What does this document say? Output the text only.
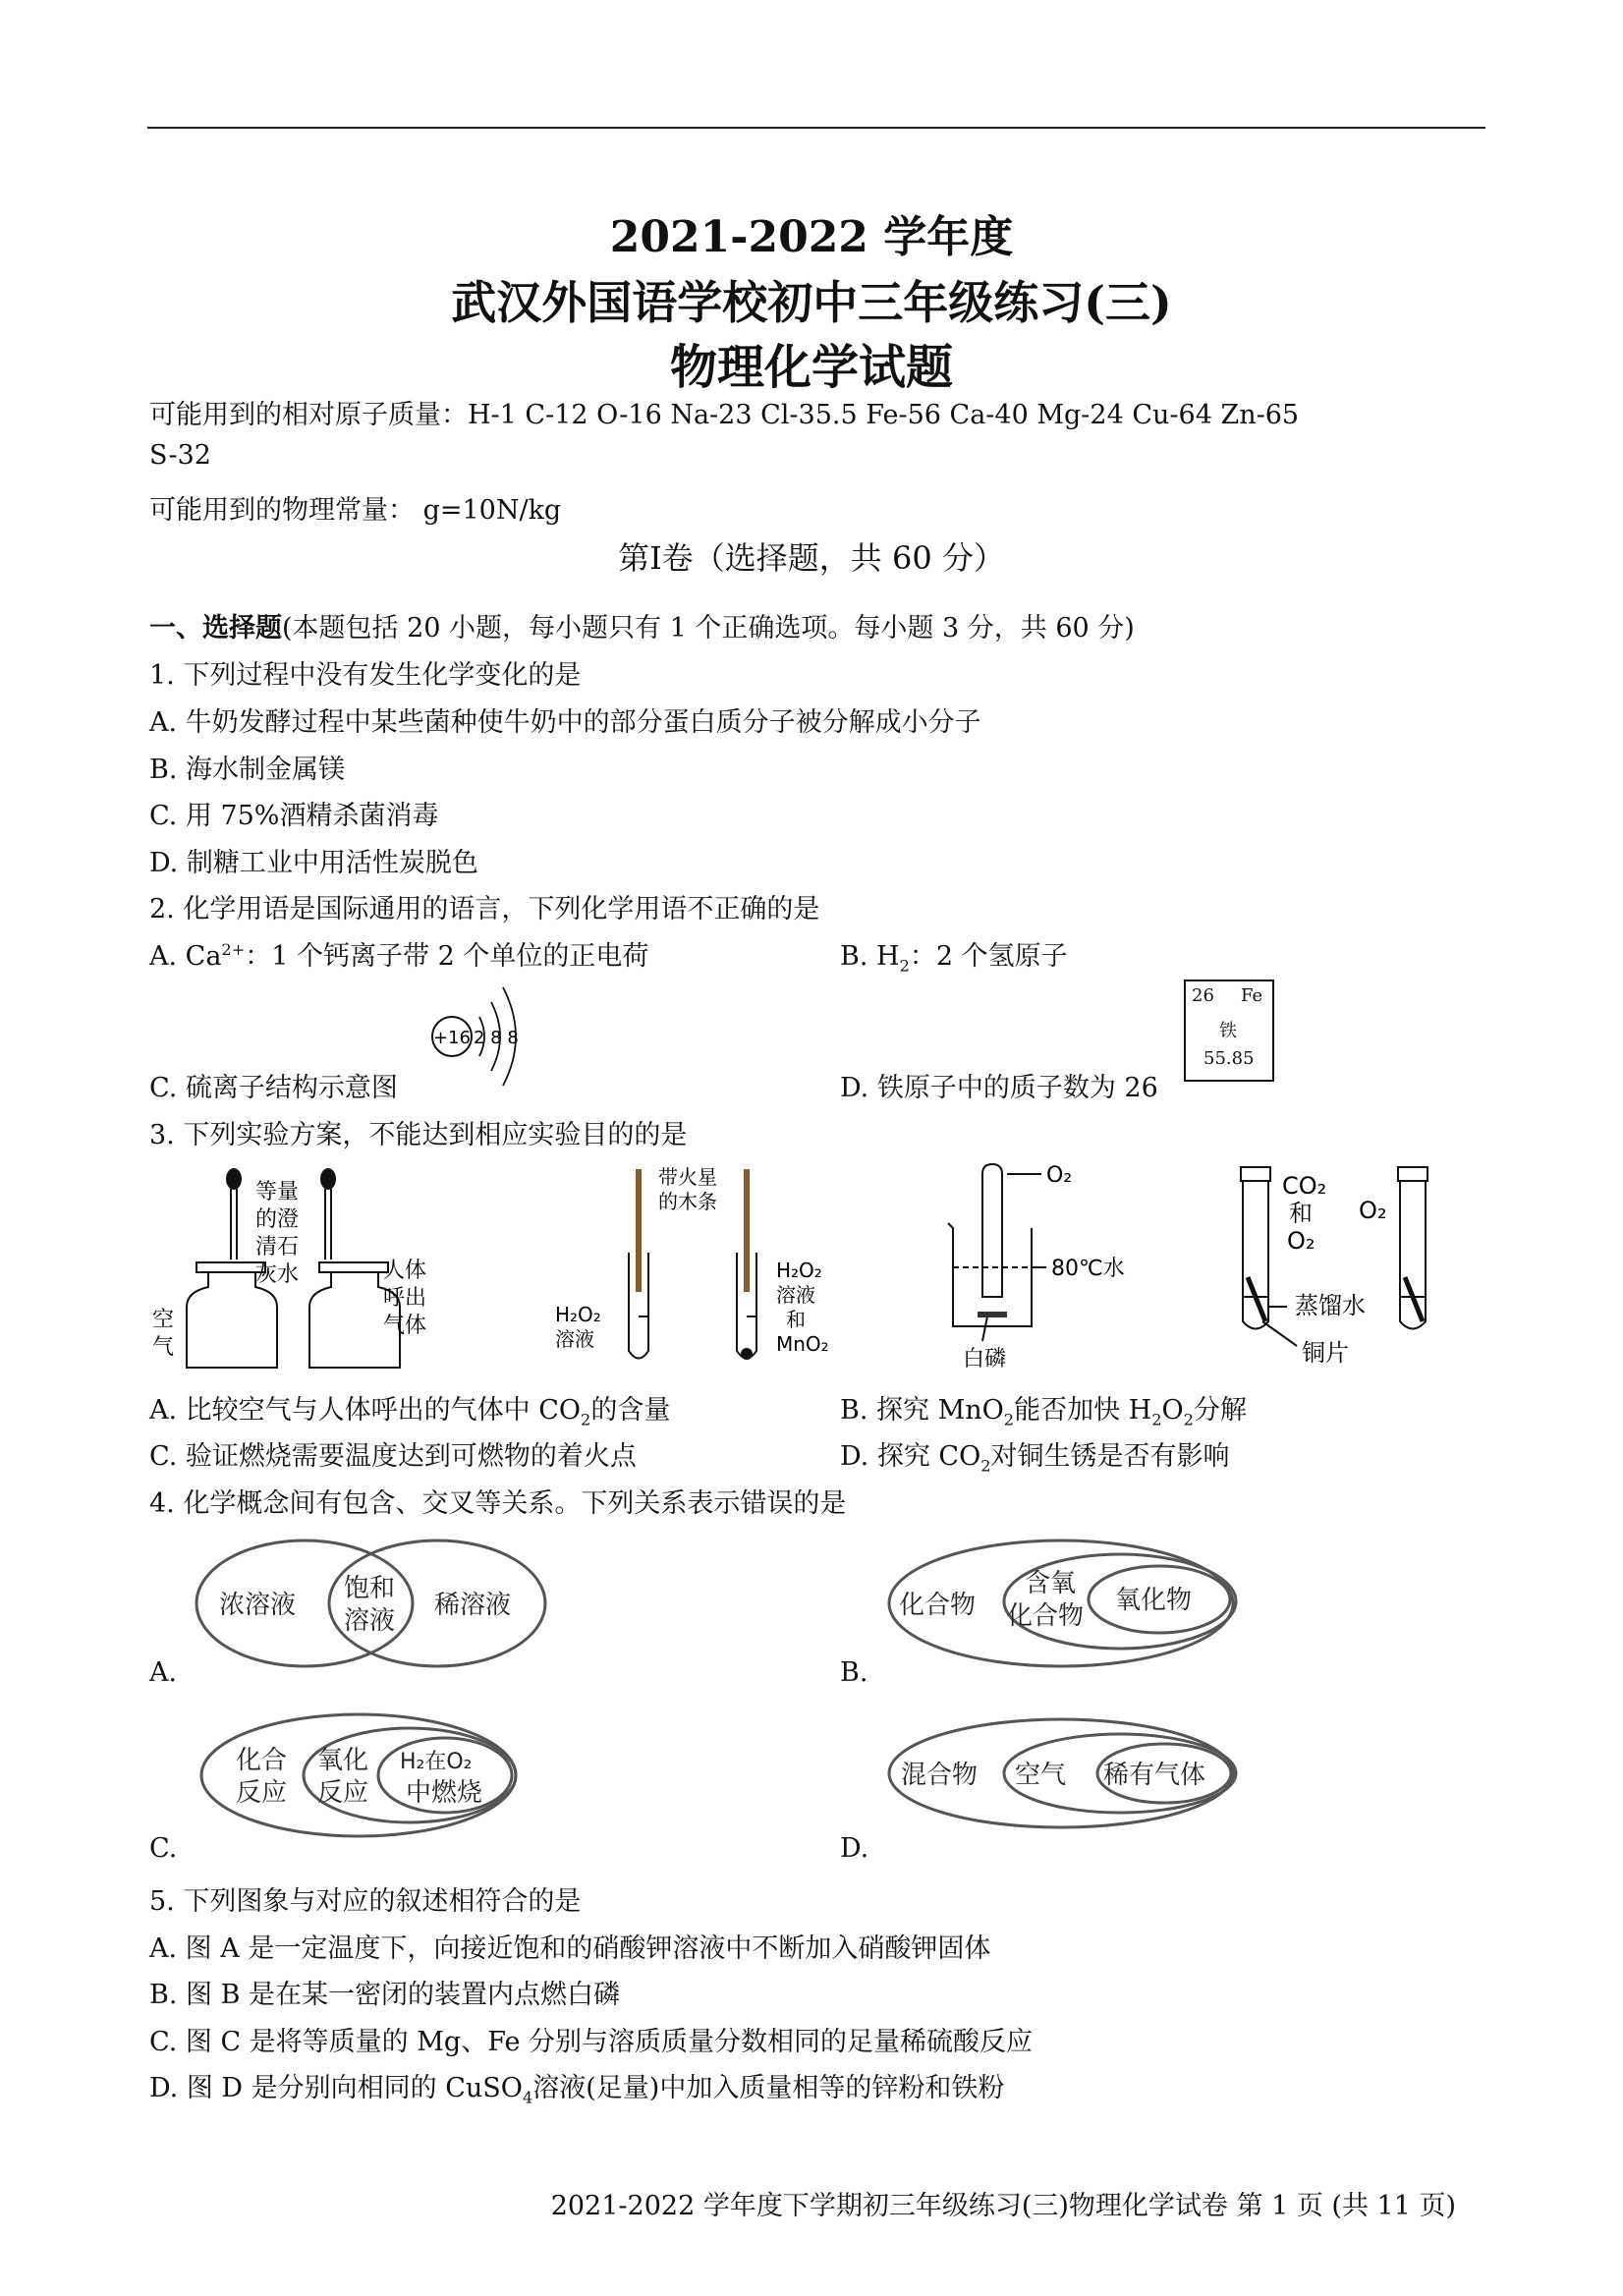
2021-2022 学年度
武汉外国语学校初中三年级练习(三)
物理化学试题
可能用到的相对原子质量：H-1 C-12 O-16 Na-23 Cl-35.5 Fe-56 Ca-40 Mg-24 Cu-64 Zn-65
S-32
可能用到的物理常量： g=10N/kg
第Ⅰ卷（选择题，共 60 分）
一、选择题(本题包括 20 小题，每小题只有 1 个正确选项。每小题 3 分，共 60 分)
1. 下列过程中没有发生化学变化的是
A. 牛奶发酵过程中某些菌种使牛奶中的部分蛋白质分子被分解成小分子
B. 海水制金属镁
C. 用 75%酒精杀菌消毒
D. 制糖工业中用活性炭脱色
2. 化学用语是国际通用的语言，下列化学用语不正确的是
A. $Ca^{2+}$：1 个钙离子带 2 个单位的正电荷	B. $H_2$：2 个氢原子
+16 2 8 8
26 Fe
铁
55.85
C. 硫离子结构示意图	D. 铁原子中的质子数为 26
3. 下列实验方案，不能达到相应实验目的的是
等量
的澄
清石
灰水
空
气
人体
呼出
气体
带火星
的木条
H₂O₂
溶液
H₂O₂
溶液
和
MnO₂
O₂
80℃水
白磷
CO₂
和
O₂
O₂
蒸馏水
铜片
A. 比较空气与人体呼出的气体中 $CO_2$的含量	B. 探究 MnO$_2$能否加快 $H_2O_2$分解
C. 验证燃烧需要温度达到可燃物的着火点	D. 探究 $CO_2$对铜生锈是否有影响
4. 化学概念间有包含、交叉等关系。下列关系表示错误的是
浓溶液
饱和
溶液
稀溶液
A.
化合物
含氧
化合物
氧化物
B.
化合
反应
氧化
反应
H₂在O₂
中燃烧
C.
混合物 空气 稀有气体
D.
5. 下列图象与对应的叙述相符合的是
A. 图 A 是一定温度下，向接近饱和的硝酸钾溶液中不断加入硝酸钾固体
B. 图 B 是在某一密闭的装置内点燃白磷
C. 图 C 是将等质量的 Mg、Fe 分别与溶质质量分数相同的足量稀硫酸反应
D. 图 D 是分别向相同的 CuSO$_4$溶液(足量)中加入质量相等的锌粉和铁粉
2021-2022 学年度下学期初三年级练习(三)物理化学试卷 第 1 页 (共 11 页)
